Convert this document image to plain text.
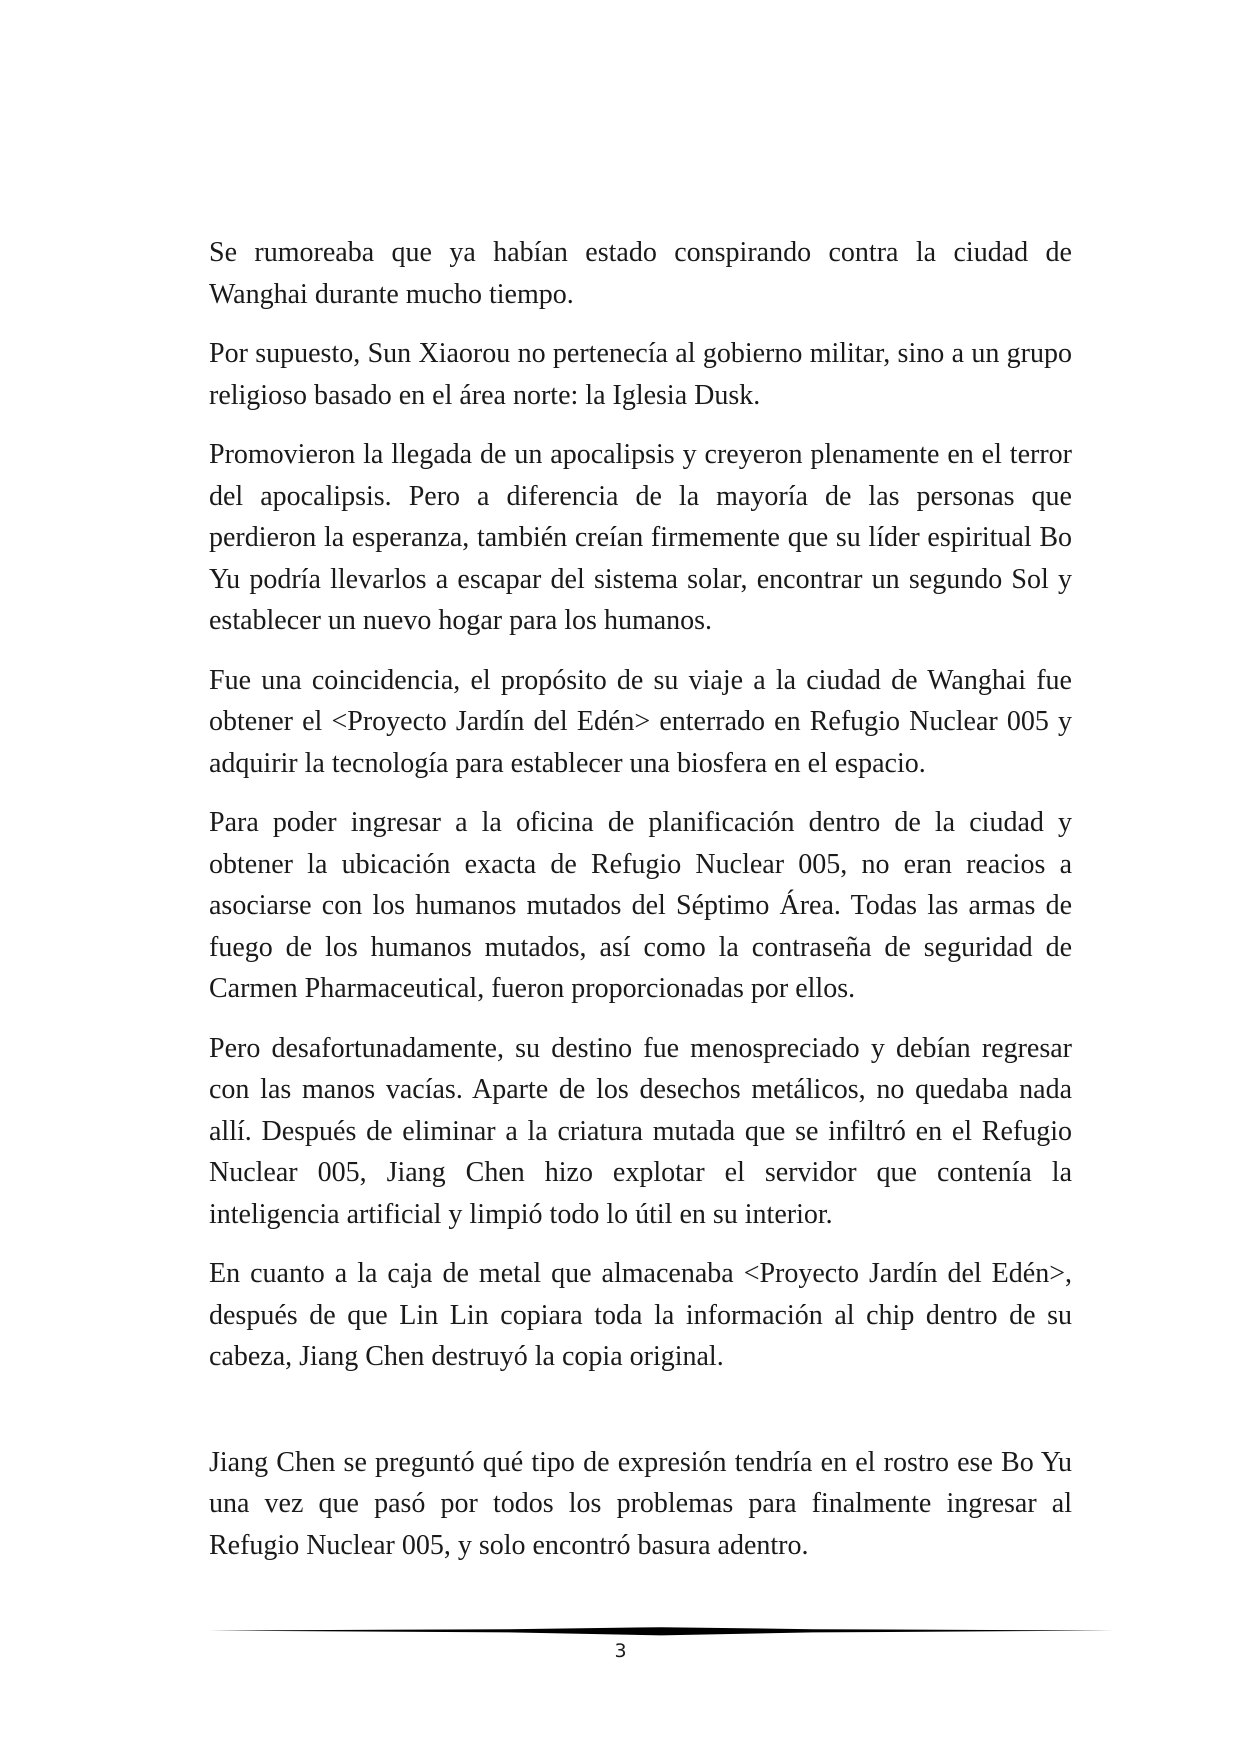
Se rumoreaba que ya habían estado conspirando contra la ciudad de Wanghai durante mucho tiempo.

Por supuesto, Sun Xiaorou no pertenecía al gobierno militar, sino a un grupo religioso basado en el área norte: la Iglesia Dusk.

Promovieron la llegada de un apocalipsis y creyeron plenamente en el terror del apocalipsis. Pero a diferencia de la mayoría de las personas que perdieron la esperanza, también creían firmemente que su líder espiritual Bo Yu podría llevarlos a escapar del sistema solar, encontrar un segundo Sol y establecer un nuevo hogar para los humanos.

Fue una coincidencia, el propósito de su viaje a la ciudad de Wanghai fue obtener el <Proyecto Jardín del Edén> enterrado en Refugio Nuclear 005 y adquirir la tecnología para establecer una biosfera en el espacio.

Para poder ingresar a la oficina de planificación dentro de la ciudad y obtener la ubicación exacta de Refugio Nuclear 005, no eran reacios a asociarse con los humanos mutados del Séptimo Área. Todas las armas de fuego de los humanos mutados, así como la contraseña de seguridad de Carmen Pharmaceutical, fueron proporcionadas por ellos.

Pero desafortunadamente, su destino fue menospreciado y debían regresar con las manos vacías. Aparte de los desechos metálicos, no quedaba nada allí. Después de eliminar a la criatura mutada que se infiltró en el Refugio Nuclear 005, Jiang Chen hizo explotar el servidor que contenía la inteligencia artificial y limpió todo lo útil en su interior.

En cuanto a la caja de metal que almacenaba <Proyecto Jardín del Edén>, después de que Lin Lin copiara toda la información al chip dentro de su cabeza, Jiang Chen destruyó la copia original.

Jiang Chen se preguntó qué tipo de expresión tendría en el rostro ese Bo Yu una vez que pasó por todos los problemas para finalmente ingresar al Refugio Nuclear 005, y solo encontró basura adentro.

3
